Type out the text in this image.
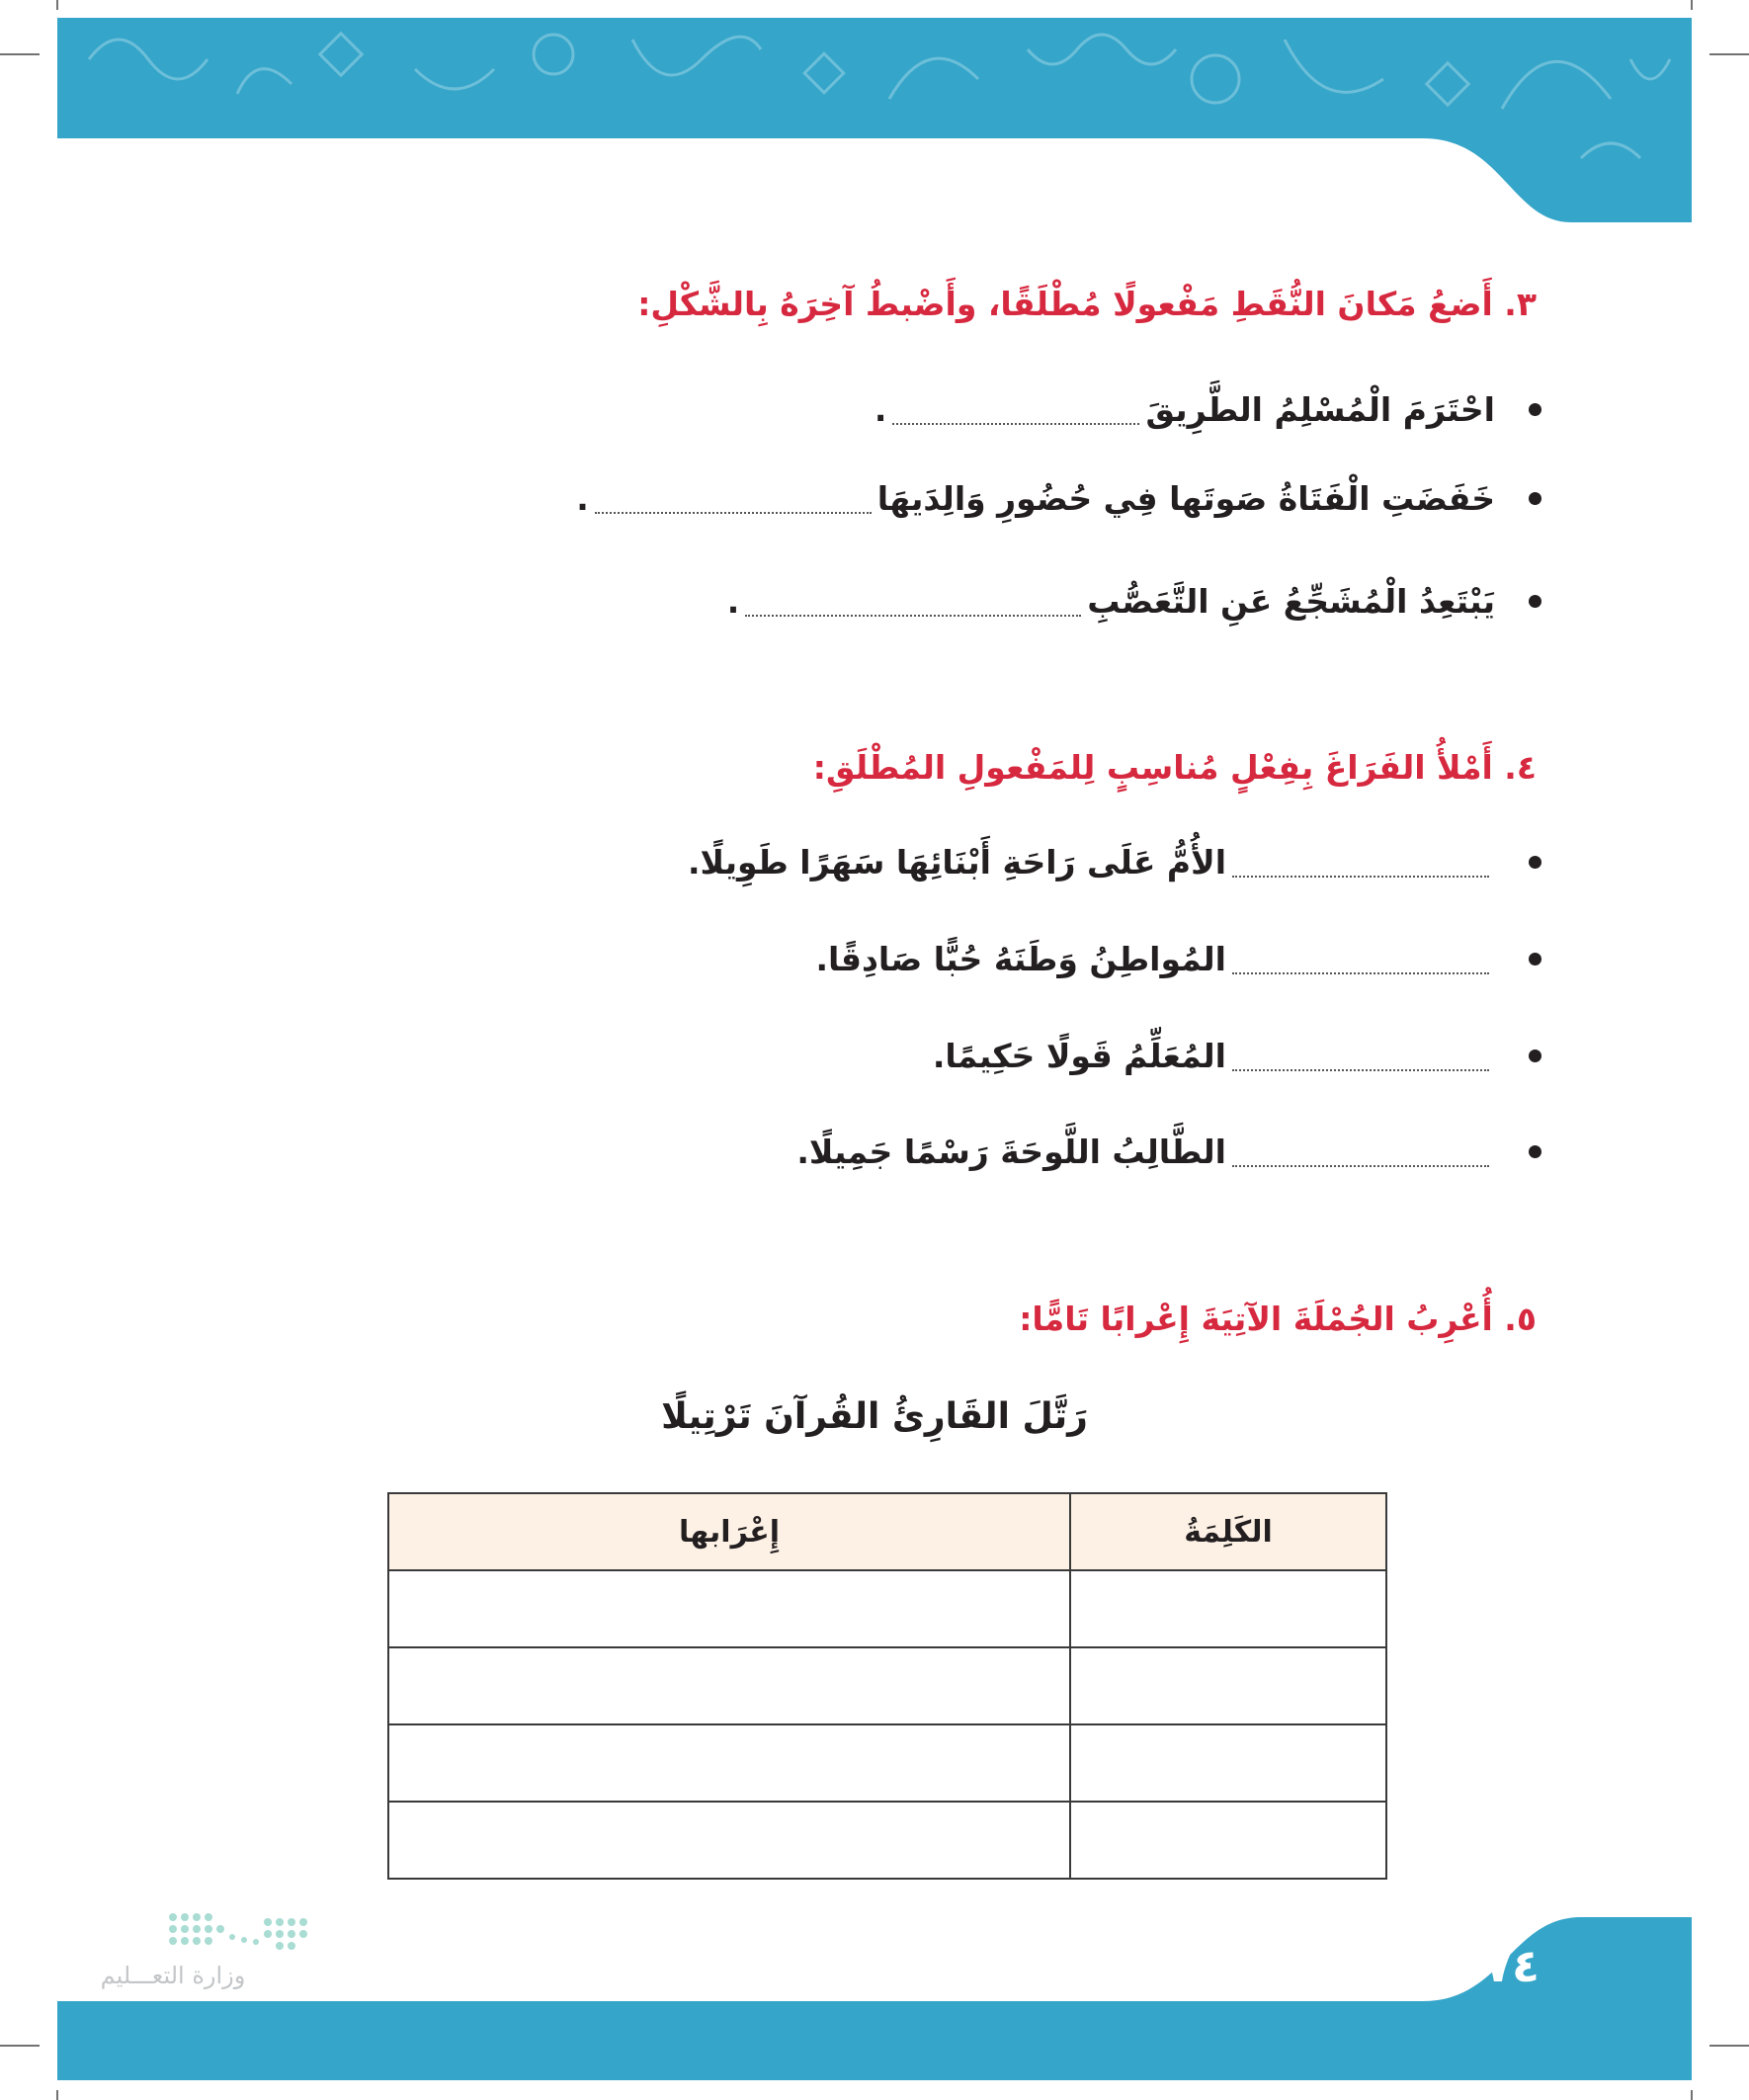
٣. أَضعُ مَكانَ النُّقَطِ مَفْعولًا مُطْلَقًا، وأَضْبطُ آخِرَهُ بِالشَّكْلِ:
احْتَرَمَ الْمُسْلِمُ الطَّرِيقَ
.
خَفَضَتِ الْفَتَاةُ صَوتَها فِي حُضُورِ وَالِدَيهَا
.
يَبْتَعِدُ الْمُشَجِّعُ عَنِ التَّعَصُّبِ
.
٤. أَمْلأُ الفَرَاغَ بِفِعْلٍ مُناسِبٍ لِلمَفْعولِ المُطْلَقِ:
الأُمُّ عَلَى رَاحَةِ أَبْنَائِهَا سَهَرًا طَوِيلًا.
المُواطِنُ وَطَنَهُ حُبًّا صَادِقًا.
المُعَلِّمُ قَولًا حَكِيمًا.
الطَّالِبُ اللَّوحَةَ رَسْمًا جَمِيلًا.
٥. أُعْرِبُ الجُمْلَةَ الآتِيَةَ إِعْرابًا تَامًّا:
رَتَّلَ القَارِئُ القُرآنَ تَرْتِيلًا
الكَلِمَةُ	إِعْرَابها

٧٤
وزارة التعـــليم
